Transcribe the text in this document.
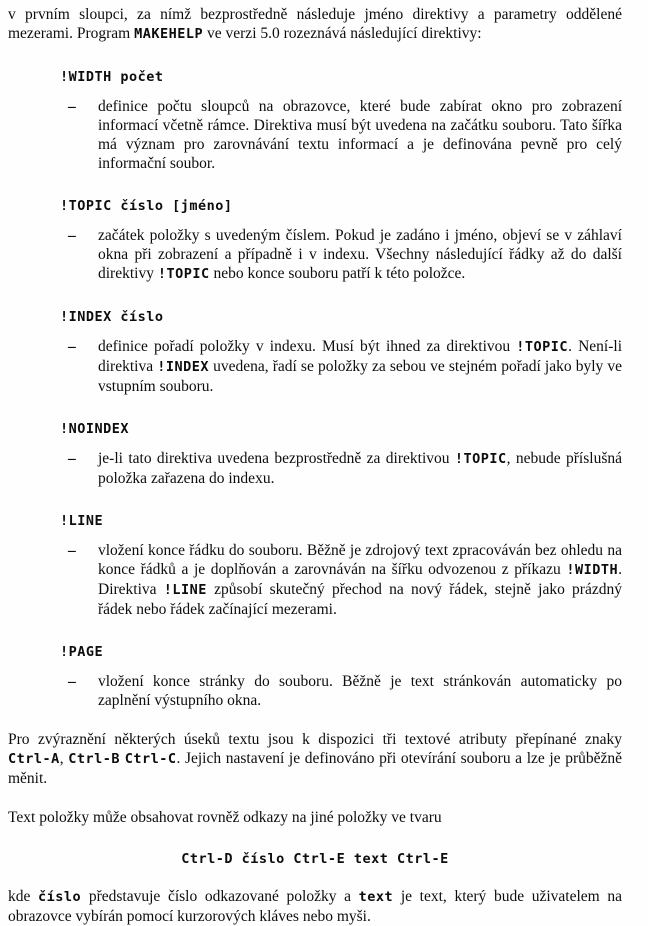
v prvním sloupci, za nímž bezprostředně následuje jméno direktivy a parametry oddělené mezerami. Program MAKEHELP ve verzi 5.0 rozeznává následující direktivy:

!WIDTH počet
–	definice počtu sloupců na obrazovce, které bude zabírat okno pro zobrazení informací včetně rámce. Direktiva musí být uvedena na začátku souboru. Tato šířka má význam pro zarovnávání textu informací a je definována pevně pro celý informační soubor.

!TOPIC číslo [jméno]
–	začátek položky s uvedeným číslem. Pokud je zadáno i jméno, objeví se v záhlaví okna při zobrazení a případně i v indexu. Všechny následující řádky až do další direktivy !TOPIC nebo konce souboru patří k této položce.

!INDEX číslo
–	definice pořadí položky v indexu. Musí být ihned za direktivou !TOPIC. Není-li direktiva !INDEX uvedena, řadí se položky za sebou ve stejném pořadí jako byly ve vstupním souboru.

!NOINDEX
–	je-li tato direktiva uvedena bezprostředně za direktivou !TOPIC, nebude příslušná položka zařazena do indexu.

!LINE
–	vložení konce řádku do souboru. Běžně je zdrojový text zpracováván bez ohledu na konce řádků a je doplňován a zarovnáván na šířku odvozenou z příkazu !WIDTH. Direktiva !LINE způsobí skutečný přechod na nový řádek, stejně jako prázdný řádek nebo řádek začínající mezerami.

!PAGE
–	vložení konce stránky do souboru. Běžně je text stránkován automaticky po zaplnění výstupního okna.

Pro zvýraznění některých úseků textu jsou k dispozici tři textové atributy přepínané znaky Ctrl-A, Ctrl-B Ctrl-C. Jejich nastavení je definováno při otevírání souboru a lze je průběžně měnit.

Text položky může obsahovat rovněž odkazy na jiné položky ve tvaru

Ctrl-D číslo Ctrl-E text Ctrl-E

kde číslo představuje číslo odkazované položky a text je text, který bude uživatelem na obrazovce vybírán pomocí kurzorových kláves nebo myši.
